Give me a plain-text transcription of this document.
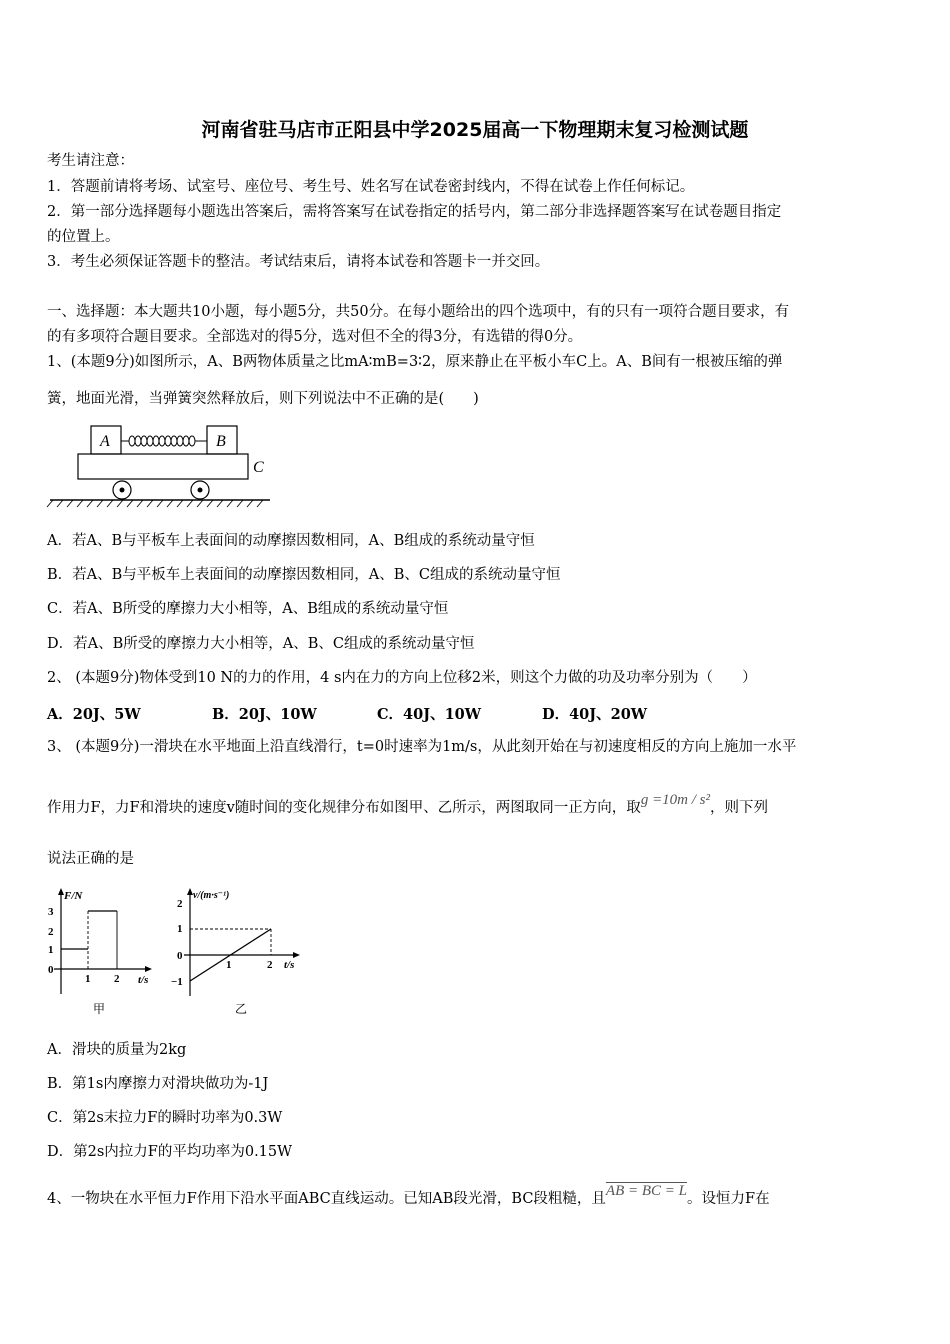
河南省驻马店市正阳县中学2025届高一下物理期末复习检测试题
考生请注意：
1．答题前请将考场、试室号、座位号、考生号、姓名写在试卷密封线内，不得在试卷上作任何标记。
2．第一部分选择题每小题选出答案后，需将答案写在试卷指定的括号内，第二部分非选择题答案写在试卷题目指定
的位置上。
3．考生必须保证答题卡的整洁。考试结束后，请将本试卷和答题卡一并交回。
一、选择题：本大题共10小题，每小题5分，共50分。在每小题给出的四个选项中，有的只有一项符合题目要求，有
的有多项符合题目要求。全部选对的得5分，选对但不全的得3分，有选错的得0分。
1、(本题9分)如图所示，A、B两物体质量之比mA∶mB=3∶2，原来静止在平板小车C上。A、B间有一根被压缩的弹
簧，地面光滑，当弹簧突然释放后，则下列说法中不正确的是(　　)
A	B
C
A．若A、B与平板车上表面间的动摩擦因数相同，A、B组成的系统动量守恒
B．若A、B与平板车上表面间的动摩擦因数相同，A、B、C组成的系统动量守恒
C．若A、B所受的摩擦力大小相等，A、B组成的系统动量守恒
D．若A、B所受的摩擦力大小相等，A、B、C组成的系统动量守恒
2、 (本题9分)物体受到10 N的力的作用，4 s内在力的方向上位移2米，则这个力做的功及功率分别为（　　）
A．20J、5W	B．20J、10W	C．40J、10W	D．40J、20W
3、 (本题9分)一滑块在水平地面上沿直线滑行，t=0时速率为1m/s，从此刻开始在与初速度相反的方向上施加一水平
作用力F，力F和滑块的速度v随时间的变化规律分布如图甲、乙所示，两图取同一正方向，取g =10m / s²，则下列
说法正确的是
F/N
t/s
3
2
1
0
1 2
甲
v/(m·s⁻¹)
t/s
2
1
0
−1
1	2
乙
A．滑块的质量为2kg
B．第1s内摩擦力对滑块做功为-1J
C．第2s末拉力F的瞬时功率为0.3W
D．第2s内拉力F的平均功率为0.15W
4、一物块在水平恒力F作用下沿水平面ABC直线运动。已知AB段光滑，BC段粗糙，且AB = BC = L。设恒力F在
